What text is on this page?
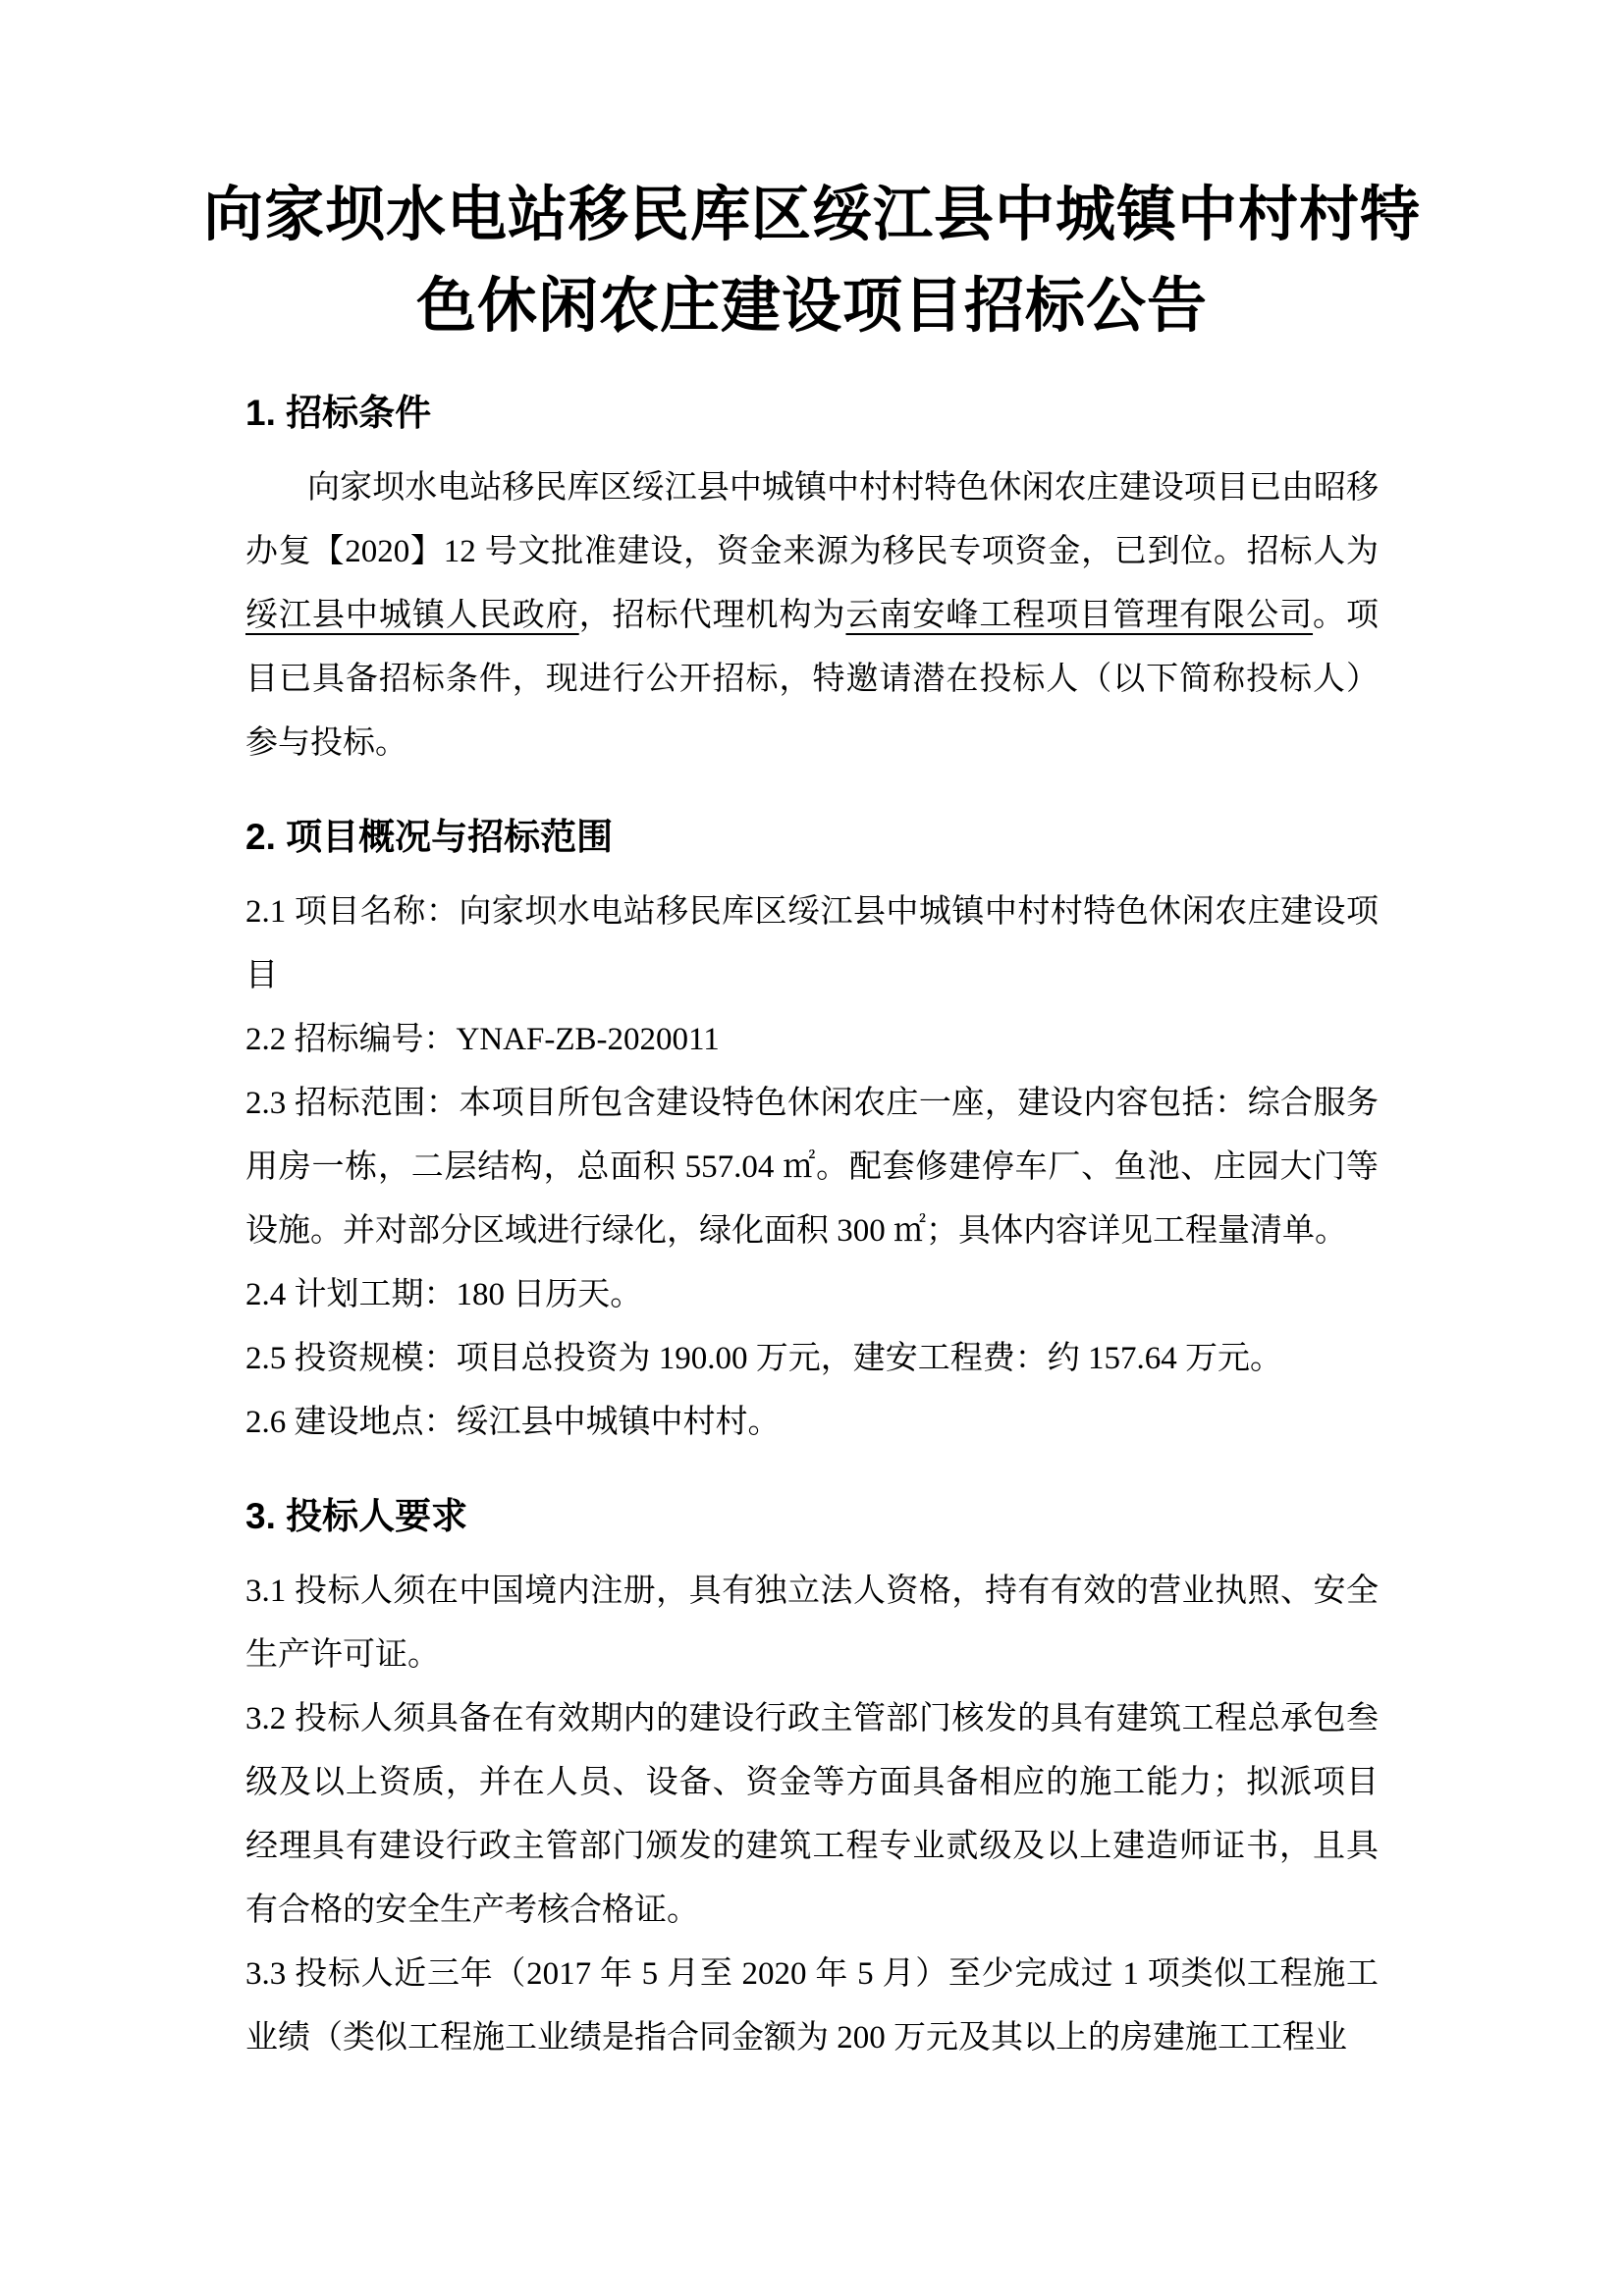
向家坝水电站移民库区绥江县中城镇中村村特
色休闲农庄建设项目招标公告
1. 招标条件

向家坝水电站移民库区绥江县中城镇中村村特色休闲农庄建设项目已由昭移办复【2020】12 号文批准建设，资金来源为移民专项资金，已到位。招标人为绥江县中城镇人民政府，招标代理机构为云南安峰工程项目管理有限公司。项目已具备招标条件，现进行公开招标，特邀请潜在投标人（以下简称投标人）参与投标。

2. 项目概况与招标范围

2.1 项目名称：向家坝水电站移民库区绥江县中城镇中村村特色休闲农庄建设项目

2.2 招标编号：YNAF-ZB-2020011

2.3 招标范围：本项目所包含建设特色休闲农庄一座，建设内容包括：综合服务用房一栋，二层结构，总面积 557.04 ㎡。配套修建停车厂、鱼池、庄园大门等设施。并对部分区域进行绿化，绿化面积 300 ㎡；具体内容详见工程量清单。

2.4 计划工期：180 日历天。

2.5 投资规模：项目总投资为 190.00 万元，建安工程费：约 157.64 万元。

2.6 建设地点：绥江县中城镇中村村。

3. 投标人要求

3.1 投标人须在中国境内注册，具有独立法人资格，持有有效的营业执照、安全生产许可证。

3.2 投标人须具备在有效期内的建设行政主管部门核发的具有建筑工程总承包叁级及以上资质，并在人员、设备、资金等方面具备相应的施工能力；拟派项目经理具有建设行政主管部门颁发的建筑工程专业贰级及以上建造师证书，且具有合格的安全生产考核合格证。

3.3 投标人近三年（2017 年 5 月至 2020 年 5 月）至少完成过 1 项类似工程施工业绩（类似工程施工业绩是指合同金额为 200 万元及其以上的房建施工工程业
